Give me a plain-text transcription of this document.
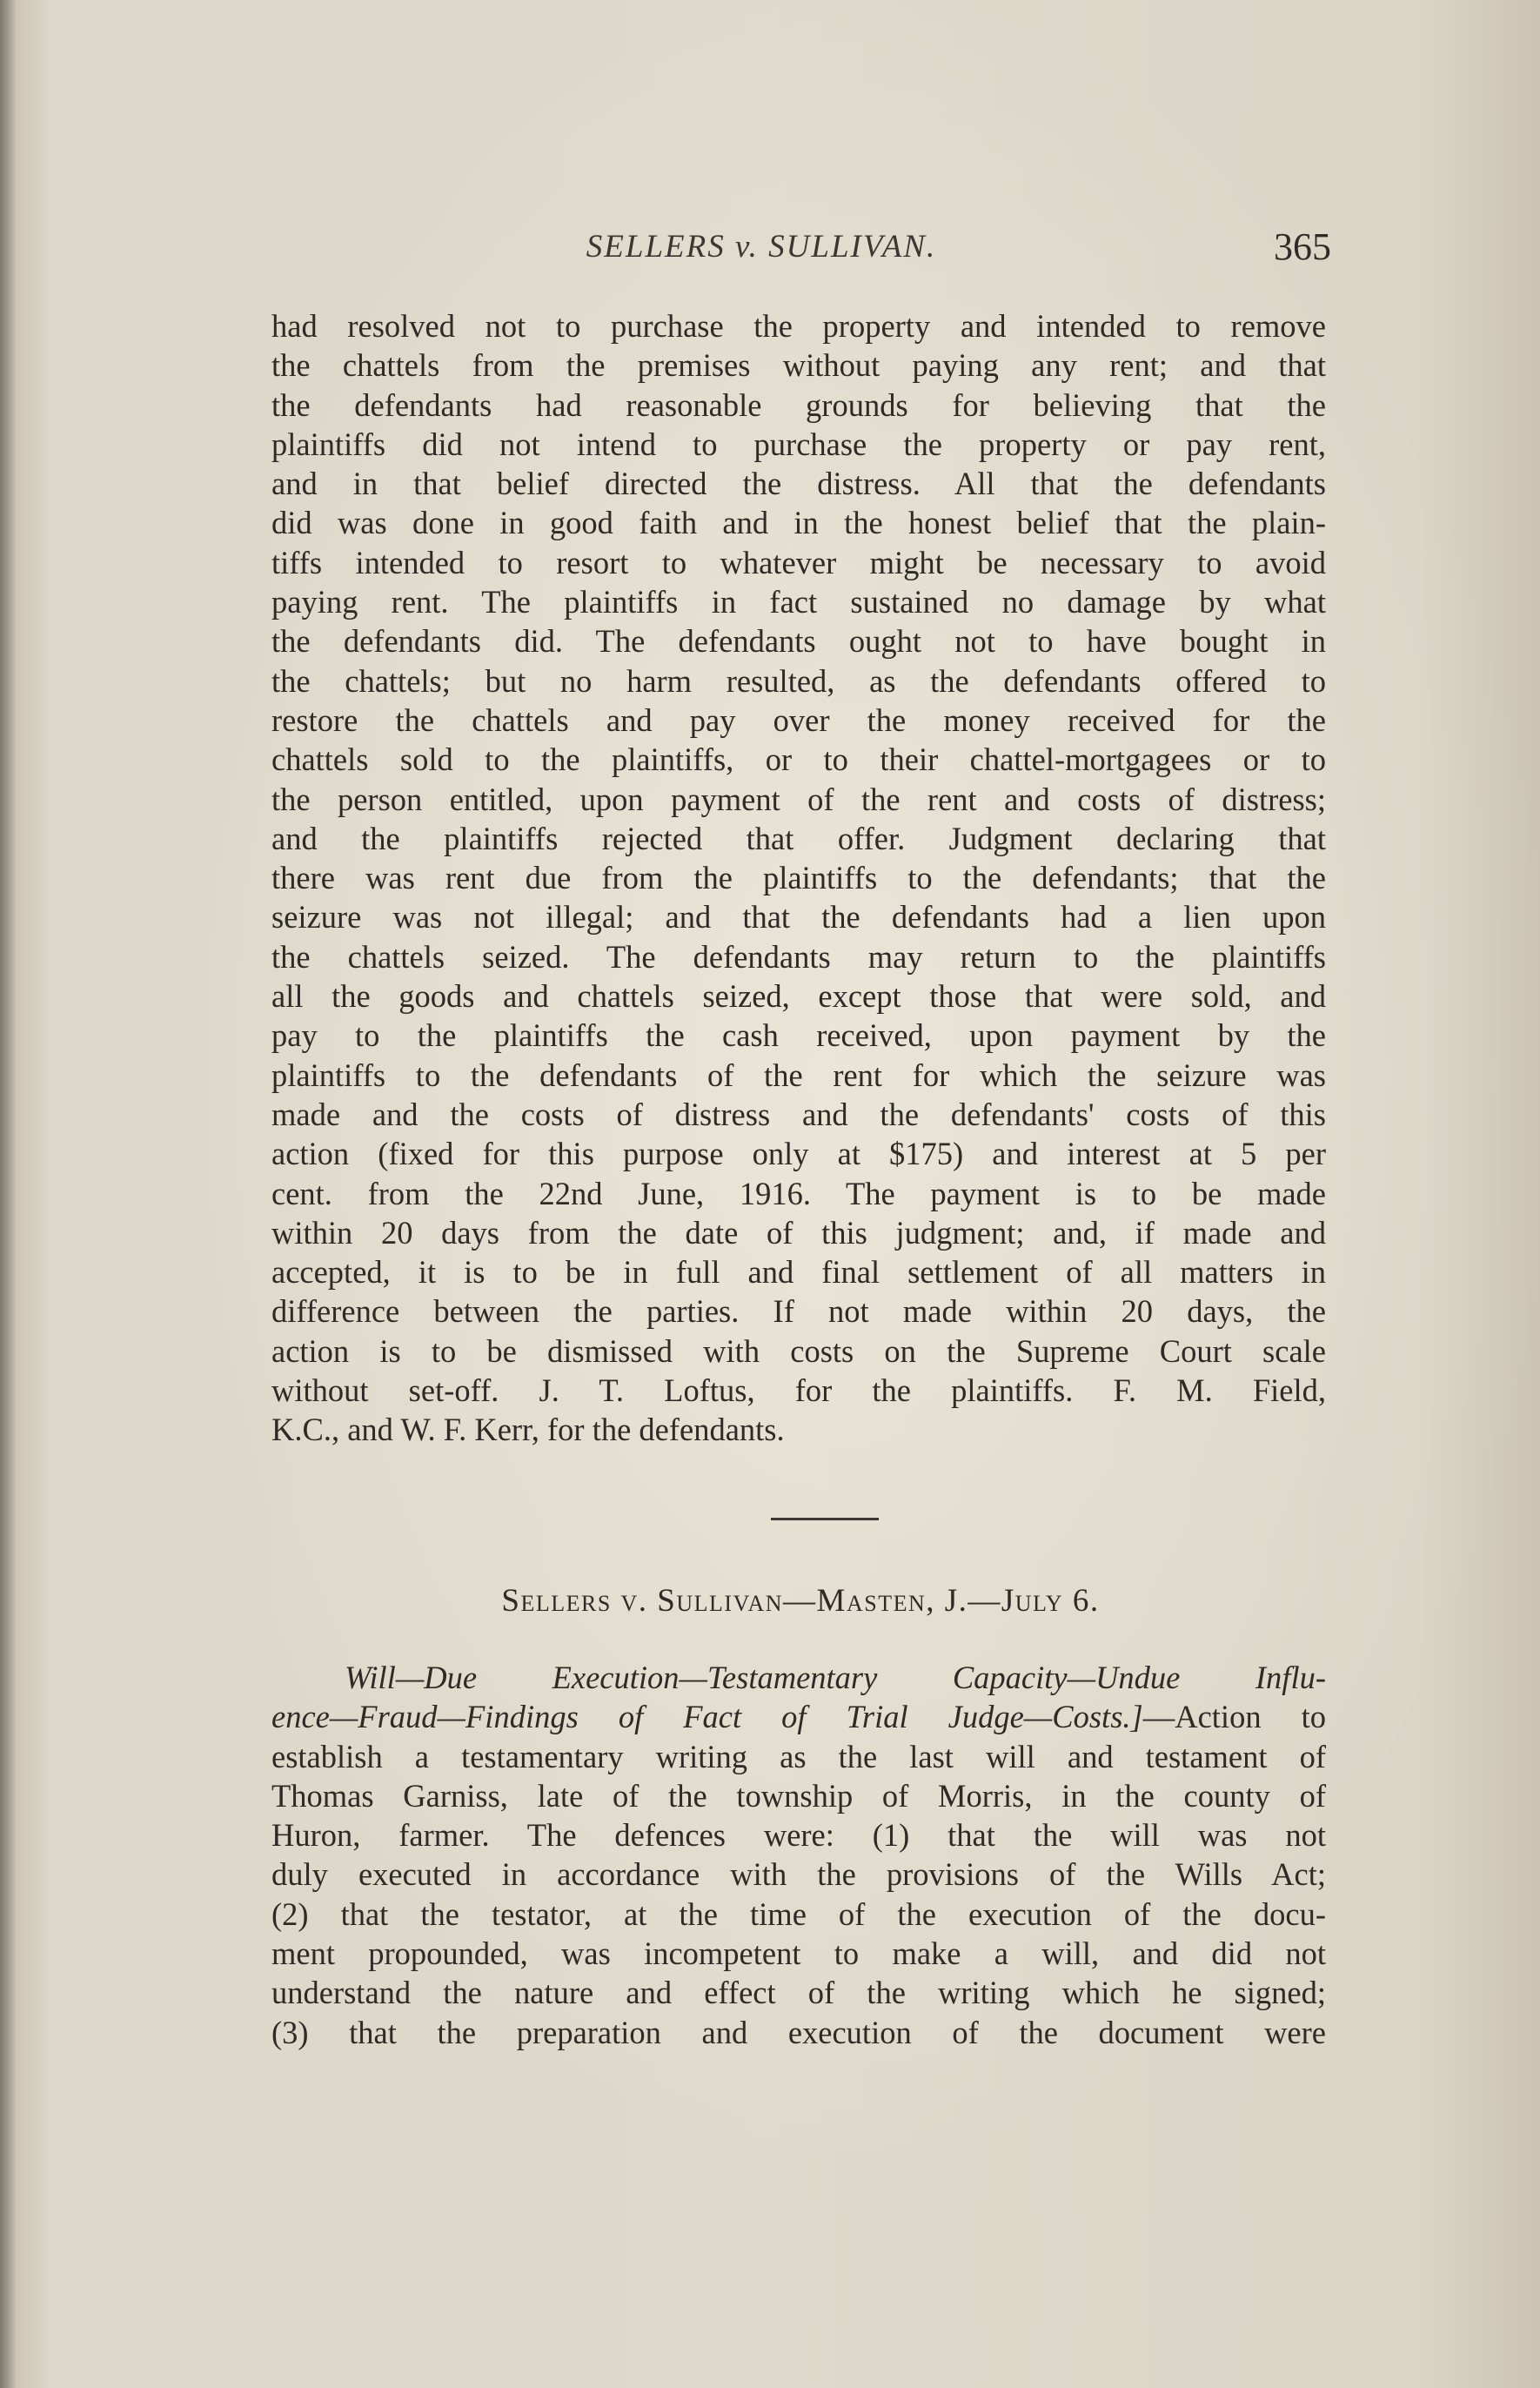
SELLERS v. SULLIVAN.	365
had resolved not to purchase the property and intended to remove
the chattels from the premises without paying any rent; and that
the defendants had reasonable grounds for believing that the
plaintiffs did not intend to purchase the property or pay rent,
and in that belief directed the distress. All that the defendants
did was done in good faith and in the honest belief that the plain-
tiffs intended to resort to whatever might be necessary to avoid
paying rent. The plaintiffs in fact sustained no damage by what
the defendants did. The defendants ought not to have bought in
the chattels; but no harm resulted, as the defendants offered to
restore the chattels and pay over the money received for the
chattels sold to the plaintiffs, or to their chattel-mortgagees or to
the person entitled, upon payment of the rent and costs of distress;
and the plaintiffs rejected that offer. Judgment declaring that
there was rent due from the plaintiffs to the defendants; that the
seizure was not illegal; and that the defendants had a lien upon
the chattels seized. The defendants may return to the plaintiffs
all the goods and chattels seized, except those that were sold, and
pay to the plaintiffs the cash received, upon payment by the
plaintiffs to the defendants of the rent for which the seizure was
made and the costs of distress and the defendants' costs of this
action (fixed for this purpose only at $175) and interest at 5 per
cent. from the 22nd June, 1916. The payment is to be made
within 20 days from the date of this judgment; and, if made and
accepted, it is to be in full and final settlement of all matters in
difference between the parties. If not made within 20 days, the
action is to be dismissed with costs on the Supreme Court scale
without set-off. J. T. Loftus, for the plaintiffs. F. M. Field,
K.C., and W. F. Kerr, for the defendants.
Sellers v. Sullivan—Masten, J.—July 6.
Will—Due Execution—Testamentary Capacity—Undue Influ-
ence—Fraud—Findings of Fact of Trial Judge—Costs.]—Action to
establish a testamentary writing as the last will and testament of
Thomas Garniss, late of the township of Morris, in the county of
Huron, farmer. The defences were: (1) that the will was not
duly executed in accordance with the provisions of the Wills Act;
(2) that the testator, at the time of the execution of the docu-
ment propounded, was incompetent to make a will, and did not
understand the nature and effect of the writing which he signed;
(3) that the preparation and execution of the document were
